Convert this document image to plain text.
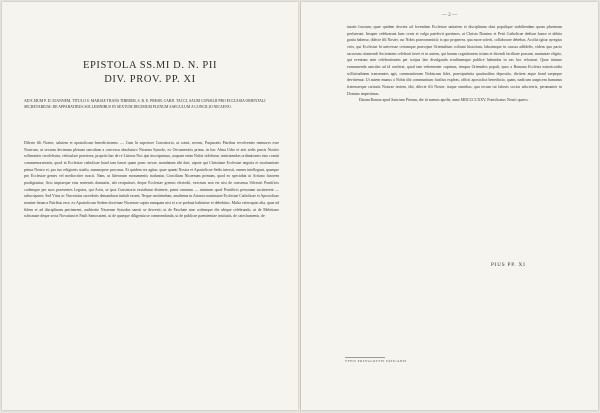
EPISTOLA SS.MI D. N. PII
DIV. PROV. PP. XI
AD E.MUM P. D. IOANNEM, TITULO S. MARIAE TRANS TIBERIM, S. R. E. PRESB. CARD. TACCI, SACRI CONSILII PRO ECCLESIA ORIENTALI SECRETARIUM: DE APPARATIBUS SOLLEMNIBUS IN SEXTUM DECIMUM PLENUM SAECULUM A CONCILIO NICAENO.
Dilecte fili Noster, salutem et apostolicam benedictionem. — Cum hi superiore Consistorio, ut scimt, necem, Purpuratis Patribus revolventes memores esse Nostrum, ut sextum decimum plenum saeculum a concessu absoluturo Nicaena Synodo, ex Oecumenicis prima, in hac Alma Urbe et aeit sedis passis Nostris sollemniter recolebatur, vehiculare praeterea, propriis has de re Litteras Nos ipsi inscripsimus, acquam enim Nobis videbatur, institutendas ordinationes eius comiti commemorationis, quod in Ecclesiae catholicae haud iam fuerat quam praec novae, mandatum tibi dari, utpote qui Christiane Ecclesiae negotia et incolumitate prima Nostro et, pro tuo religionis studio, summopere procuras. Et quidem res agitur, quae quanti Nostra et Apostolicae Sedis intersit, omnes intellegunt, quaeque pro Ecclesiae gentes vel mediocriter noscit. Nam, ut litterarum monumentis traduntur, Concilium Nicaenum primum, quod eo spectabat ut Arriano furorem prodigiantur, Ario impiaeque eius sententis damnatis, ubi resipuisset, deque Ecclesiae gremio electedit, exectum non est nisi de consensu Silvestri Pontificis codemque per suos praesentes Legatos, qui Actis, ut ipsa Consistoria exstabatur distinete, primi omnium — nimirum quod Pontificis personam sustinerent — subscripsere; Sed Vitus ac Vincentius sacerdotis demandarat initiali essent. Neque omittendum, anathema in Arianos nominatae Ecclesiae Catholicae et Apostolicae nomine latum a Patribus esse, ex Apostolicam Sedem doctrinae Nicaenae capita nunquam nisi et a se probata habiuisse et debebitus. Multa ceteroquin alia, quae ad fidem et ad disciplinam pertinerent, auditorite Nicaenae Synodus sanxit se decrevit; ut de Paschate sine codemque die ubique celebrando, ut de Meletiano schismate deque secta Novatiani et Pauli Samosateni, ut de quaeque diligentia se commendanda, ut de publicae paenitentiae institutis, de catechumenis, de
— 2 —
tutatis fructum; quae quidem decreta ad fovendam Ecclesiae unitatem et disciplinam obut populique stabiliendam quam plurimum profuerunt. Insuper celebrarunt haec ornis et vulgo patefecit querimes, ut Christo Domino et Petri Catholicae dedisse honor et debita gratia haberur, dilecte fili Noster, cur Nobis praecommittit; is quo propterea, qua more solerti, collaborare debebas. Accilia igitur ayregius viris, qui Ecclesiae hi universae certamque praecipue Orientalium colitunt historiam, laborimque in caussa adfidelis, videas quo pacto sacrorum ctiamendi Societatem celebrari iteret et in autem, qui harum cognitionem ictiam et dicendi facilitate possunt, manuntae eligito, qui eventum ante celebrationem per scripta late divulgauda eruditaemque publice habendas in eas hoc reformat. Quae tritume eonsumenda sanctiùs ad id conferat, quod tam vehementer cupimus, tempus Orientales populi, quos a Romana Ecclesia misericordia sollicitudinem transeuntes agit, communiteram Nobiscum fidei, praecipuèntia quuituoilius depositio, divitent atque bond saepeque devittemur. Ut autem munus a Nobis tibi communitum facilius expleas, officii apostolica benedictio, quam, nadicum auspicem humanus fraternaeque caritatis Nostrae testem, tibi, dilecte fili Noster, itaque omnibus, qua tecum tui laboris socios adsciveris, peramanter in Domino impertimus.

Datum Romae apud Sanctum Petrum, die iii mensis aprilis, anno MDCCCCXXV, Pontificatus Nostri quarto.
PIUS PP. XI
TYPIS POLYGLOTTIS VATICANIS
